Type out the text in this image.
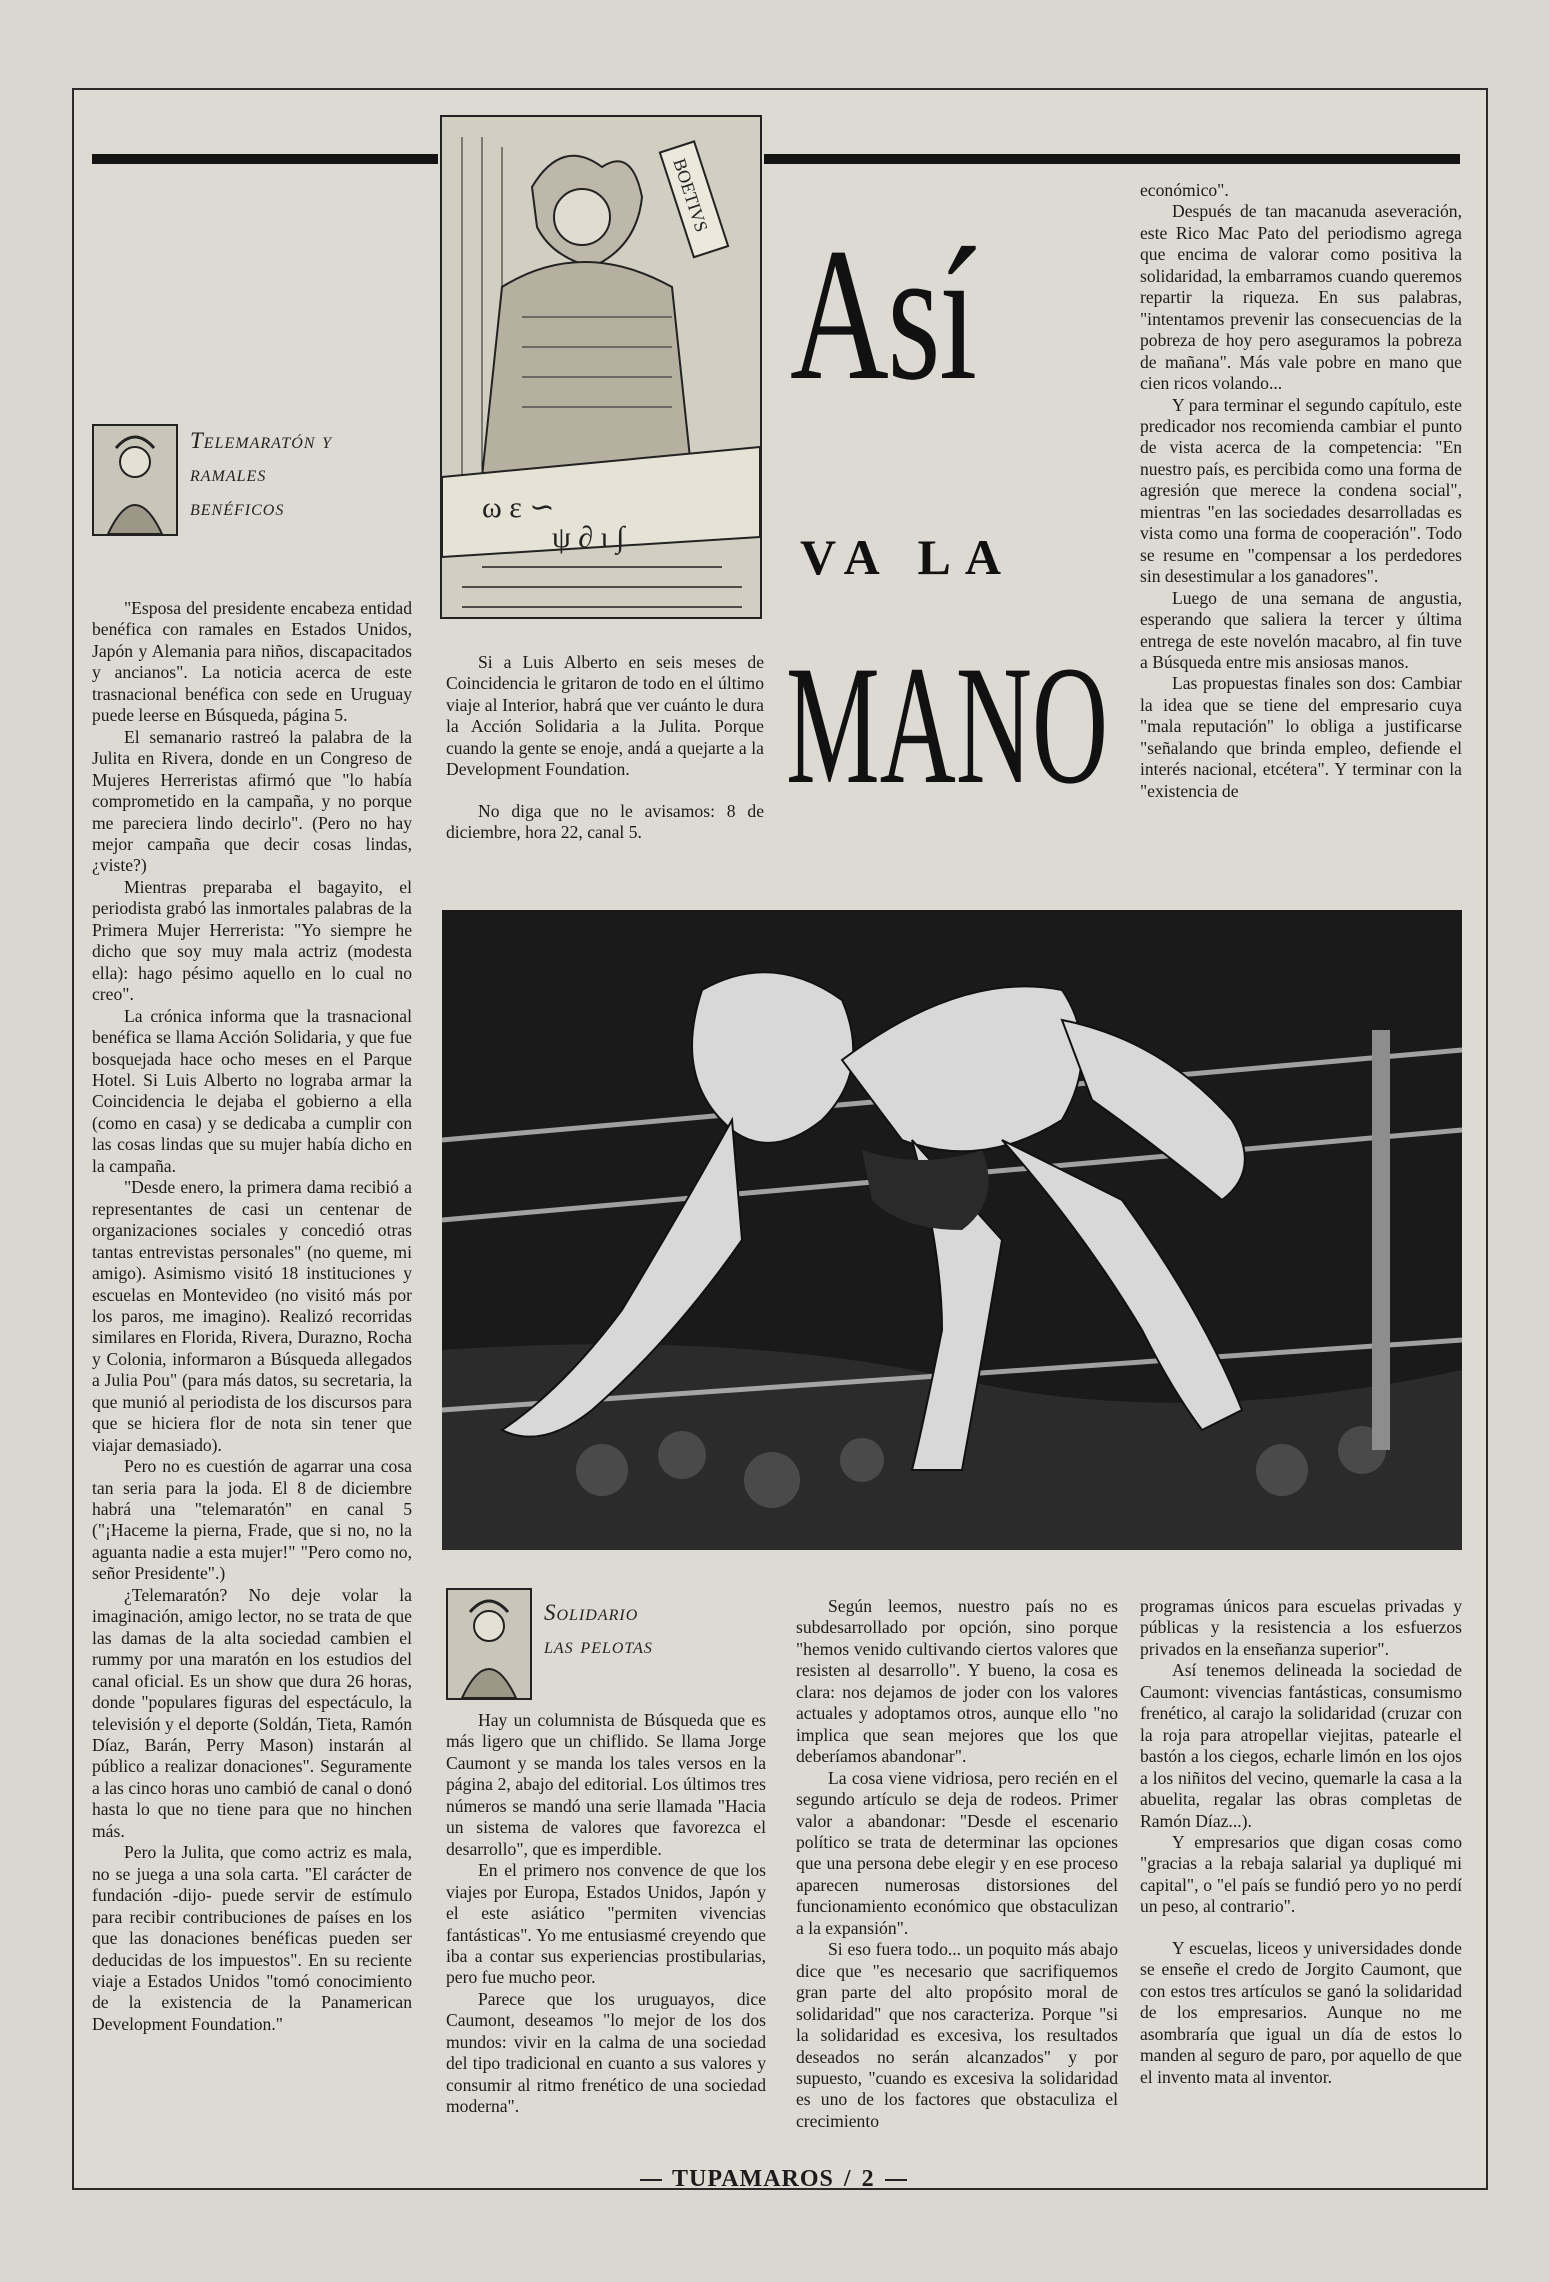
BOETIVS
ω ε ∽
ψ ∂ ι ∫
Así
VA LA
MANO
Telemaratón y
ramales
benéficos

"Esposa del presidente encabeza entidad benéfica con ramales en Estados Unidos, Japón y Alemania para niños, discapacitados y ancianos". La noticia acerca de este trasnacional benéfica con sede en Uruguay puede leerse en Búsqueda, página 5.

El semanario rastreó la palabra de la Julita en Rivera, donde en un Congreso de Mujeres Herreristas afirmó que "lo había comprometido en la campaña, y no porque me pareciera lindo decirlo". (Pero no hay mejor campaña que decir cosas lindas, ¿viste?)

Mientras preparaba el bagayito, el periodista grabó las inmortales palabras de la Primera Mujer Herrerista: "Yo siempre he dicho que soy muy mala actriz (modesta ella): hago pésimo aquello en lo cual no creo".

La crónica informa que la trasnacional benéfica se llama Acción Solidaria, y que fue bosquejada hace ocho meses en el Parque Hotel. Si Luis Alberto no lograba armar la Coincidencia le dejaba el gobierno a ella (como en casa) y se dedicaba a cumplir con las cosas lindas que su mujer había dicho en la campaña.

"Desde enero, la primera dama recibió a representantes de casi un centenar de organizaciones sociales y concedió otras tantas entrevistas personales" (no queme, mi amigo). Asimismo visitó 18 instituciones y escuelas en Montevideo (no visitó más por los paros, me imagino). Realizó recorridas similares en Florida, Rivera, Durazno, Rocha y Colonia, informaron a Búsqueda allegados a Julia Pou" (para más datos, su secretaria, la que munió al periodista de los discursos para que se hiciera flor de nota sin tener que viajar demasiado).

Pero no es cuestión de agarrar una cosa tan seria para la joda. El 8 de diciembre habrá una "telemaratón" en canal 5 ("¡Haceme la pierna, Frade, que si no, no la aguanta nadie a esta mujer!" "Pero como no, señor Presidente".)

¿Telemaratón? No deje volar la imaginación, amigo lector, no se trata de que las damas de la alta sociedad cambien el rummy por una maratón en los estudios del canal oficial. Es un show que dura 26 horas, donde "populares figuras del espectáculo, la televisión y el deporte (Soldán, Tieta, Ramón Díaz, Barán, Perry Mason) instarán al público a realizar donaciones". Seguramente a las cinco horas uno cambió de canal o donó hasta lo que no tiene para que no hinchen más.

Pero la Julita, que como actriz es mala, no se juega a una sola carta. "El carácter de fundación -dijo- puede servir de estímulo para recibir contribuciones de países en los que las donaciones benéficas pueden ser deducidas de los impuestos". En su reciente viaje a Estados Unidos "tomó conocimiento de la existencia de la Panamerican Development Foundation."

Si a Luis Alberto en seis meses de Coincidencia le gritaron de todo en el último viaje al Interior, habrá que ver cuánto le dura la Acción Solidaria a la Julita. Porque cuando la gente se enoje, andá a quejarte a la Development Foundation.

No diga que no le avisamos: 8 de diciembre, hora 22, canal 5.

económico".

Después de tan macanuda aseveración, este Rico Mac Pato del periodismo agrega que encima de valorar como positiva la solidaridad, la embarramos cuando queremos repartir la riqueza. En sus palabras, "intentamos prevenir las consecuencias de la pobreza de hoy pero aseguramos la pobreza de mañana". Más vale pobre en mano que cien ricos volando...

Y para terminar el segundo capítulo, este predicador nos recomienda cambiar el punto de vista acerca de la competencia: "En nuestro país, es percibida como una forma de agresión que merece la condena social", mientras "en las sociedades desarrolladas es vista como una forma de cooperación". Todo se resume en "compensar a los perdedores sin desestimular a los ganadores".

Luego de una semana de angustia, esperando que saliera la tercer y última entrega de este novelón macabro, al fin tuve a Búsqueda entre mis ansiosas manos.

Las propuestas finales son dos: Cambiar la idea que se tiene del empresario cuya "mala reputación" lo obliga a justificarse "señalando que brinda empleo, defiende el interés nacional, etcétera". Y terminar con la "existencia de

Solidario
las pelotas

Hay un columnista de Búsqueda que es más ligero que un chiflido. Se llama Jorge Caumont y se manda los tales versos en la página 2, abajo del editorial. Los últimos tres números se mandó una serie llamada "Hacia un sistema de valores que favorezca el desarrollo", que es imperdible.

En el primero nos convence de que los viajes por Europa, Estados Unidos, Japón y el este asiático "permiten vivencias fantásticas". Yo me entusiasmé creyendo que iba a contar sus experiencias prostibularias, pero fue mucho peor.

Parece que los uruguayos, dice Caumont, deseamos "lo mejor de los dos mundos: vivir en la calma de una sociedad del tipo tradicional en cuanto a sus valores y consumir al ritmo frenético de una sociedad moderna".

Según leemos, nuestro país no es subdesarrollado por opción, sino porque "hemos venido cultivando ciertos valores que resisten al desarrollo". Y bueno, la cosa es clara: nos dejamos de joder con los valores actuales y adoptamos otros, aunque ello "no implica que sean mejores que los que deberíamos abandonar".

La cosa viene vidriosa, pero recién en el segundo artículo se deja de rodeos. Primer valor a abandonar: "Desde el escenario político se trata de determinar las opciones que una persona debe elegir y en ese proceso aparecen numerosas distorsiones del funcionamiento económico que obstaculizan a la expansión".

Si eso fuera todo... un poquito más abajo dice que "es necesario que sacrifiquemos gran parte del alto propósito moral de solidaridad" que nos caracteriza. Porque "si la solidaridad es excesiva, los resultados deseados no serán alcanzados" y por supuesto, "cuando es excesiva la solidaridad es uno de los factores que obstaculiza el crecimiento

programas únicos para escuelas privadas y públicas y la resistencia a los esfuerzos privados en la enseñanza superior".

Así tenemos delineada la sociedad de Caumont: vivencias fantásticas, consumismo frenético, al carajo la solidaridad (cruzar con la roja para atropellar viejitas, patearle el bastón a los ciegos, echarle limón en los ojos a los niñitos del vecino, quemarle la casa a la abuelita, regalar las obras completas de Ramón Díaz...).

Y empresarios que digan cosas como "gracias a la rebaja salarial ya dupliqué mi capital", o "el país se fundió pero yo no perdí un peso, al contrario".

Y escuelas, liceos y universidades donde se enseñe el credo de Jorgito Caumont, que con estos tres artículos se ganó la solidaridad de los empresarios. Aunque no me asombraría que igual un día de estos lo manden al seguro de paro, por aquello de que el invento mata al inventor.

TUPAMAROS / 2
